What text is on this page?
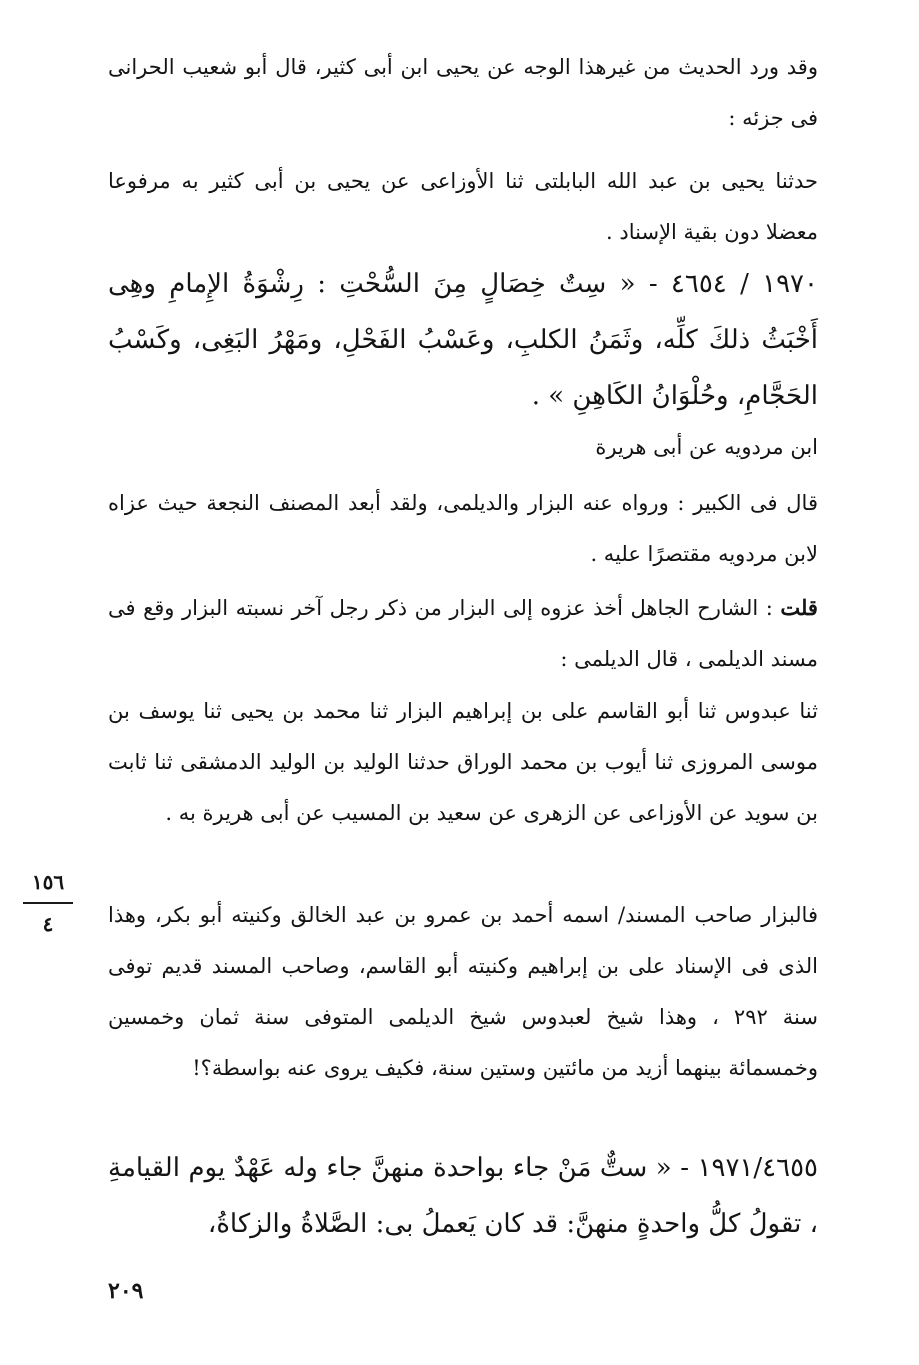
وقد ورد الحديث من غيرهذا الوجه عن يحيى ابن أبى كثير، قال أبو شعيب الحرانى فى جزئه :

حدثنا يحيى بن عبد الله البابلتى ثنا الأوزاعى عن يحيى بن أبى كثير به مرفوعا معضلا دون بقية الإسناد .

١٩٧٠ / ٤٦٥٤ - « سِتٌ خِصَالٍ مِنَ السُّحْتِ : رِشْوَةُ الإِمامِ وهِى أَخْبَثُ ذلكَ كلِّه، وثَمَنُ الكلبِ، وعَسْبُ الفَحْلِ، ومَهْرُ البَغِى، وكَسْبُ الحَجَّامِ، وحُلْوَانُ الكَاهِنِ » .

ابن مردويه عن أبى هريرة

قال فى الكبير : ورواه عنه البزار والديلمى، ولقد أبعد المصنف النجعة حيث عزاه لابن مردويه مقتصرًا عليه .

قلت : الشارح الجاهل أخذ عزوه إلى البزار من ذكر رجل آخر نسبته البزار وقع فى مسند الديلمى ، قال الديلمى :

ثنا عبدوس ثنا أبو القاسم على بن إبراهيم البزار ثنا محمد بن يحيى ثنا يوسف بن موسى المروزى ثنا أيوب بن محمد الوراق حدثنا الوليد بن الوليد الدمشقى ثنا ثابت بن سويد عن الأوزاعى عن الزهرى عن سعيد بن المسيب عن أبى هريرة به .

فالبزار صاحب المسند/ اسمه أحمد بن عمرو بن عبد الخالق وكنيته أبو بكر، وهذا الذى فى الإسناد على بن إبراهيم وكنيته أبو القاسم، وصاحب المسند قديم توفى سنة ٢٩٢ ، وهذا شيخ لعبدوس شيخ الديلمى المتوفى سنة ثمان وخمسين وخمسمائة بينهما أزيد من مائتين وستين سنة، فكيف يروى عنه بواسطة؟!

١٩٧١/٤٦٥٥ - « ستٌّ مَنْ جاء بواحدة منهنَّ جاء وله عَهْدٌ يوم القيامةِ ، تقولُ كلُّ واحدةٍ منهنَّ: قد كان يَعملُ بى: الصَّلاةُ والزكاةُ،

١٥٦
٤
٢٠٩
